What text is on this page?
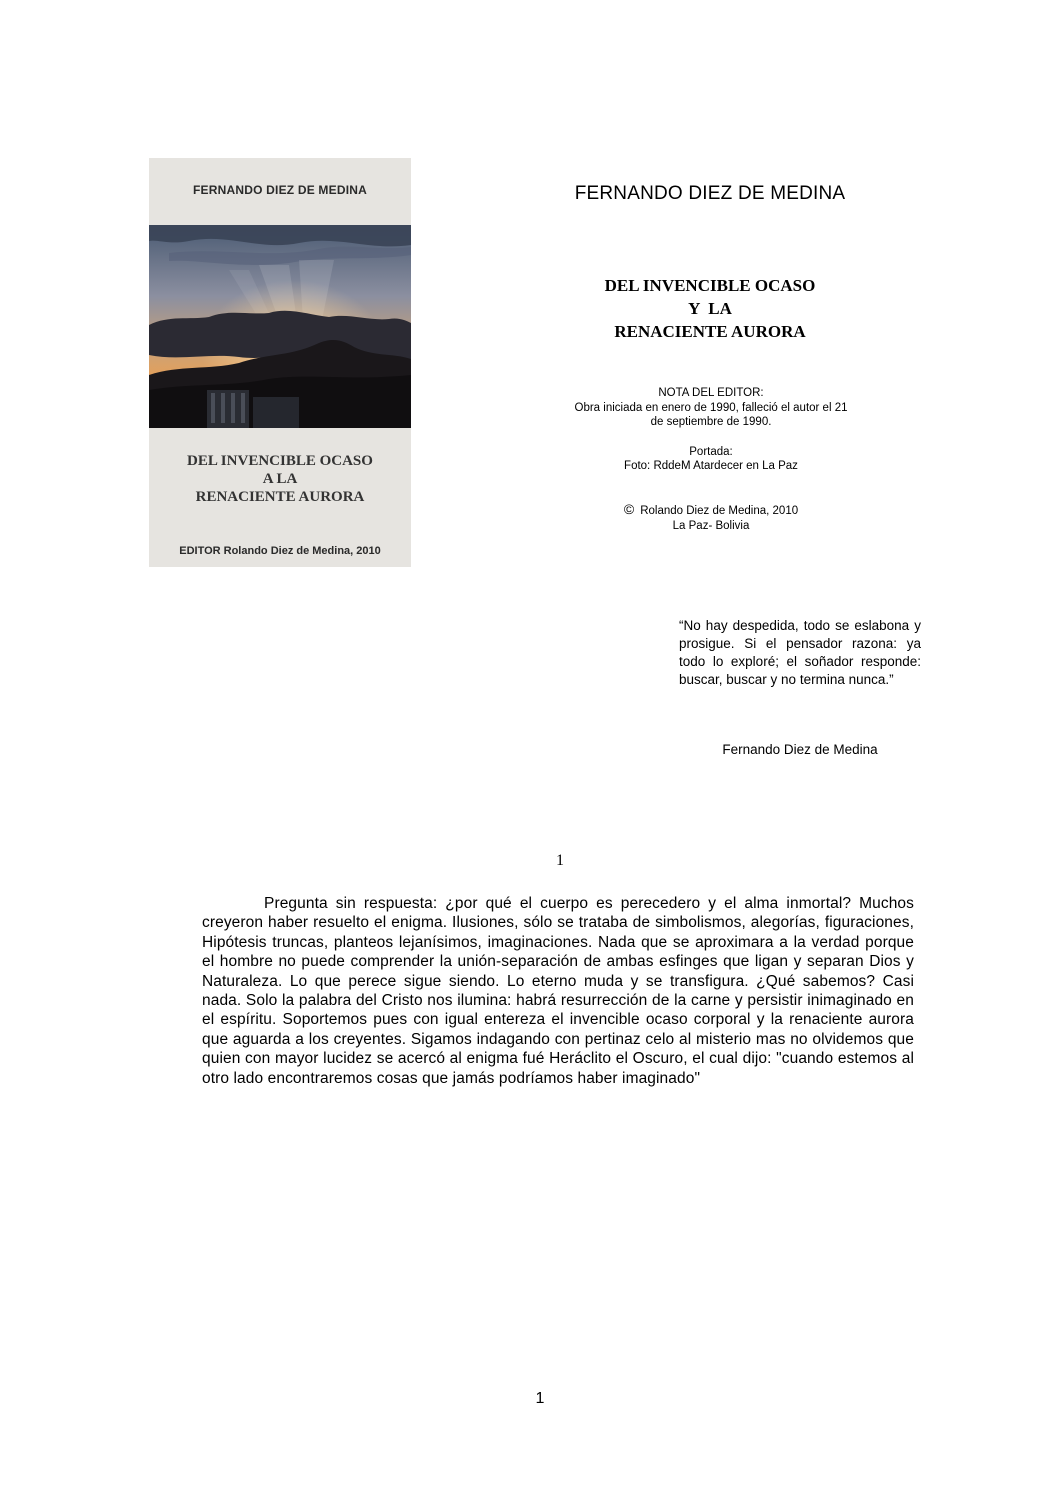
FERNANDO DIEZ DE MEDINA
DEL INVENCIBLE OCASO
A LA
RENACIENTE AURORA
EDITOR Rolando Diez de Medina, 2010
FERNANDO DIEZ DE MEDINA
DEL INVENCIBLE OCASO
Y  LA
RENACIENTE AURORA
NOTA DEL EDITOR:
Obra iniciada en enero de 1990, falleció el autor el 21
de septiembre de 1990.
Portada:
Foto: RddeM Atardecer en La Paz
© Rolando Diez de Medina, 2010
La Paz- Bolivia
“No hay despedida, todo se eslabona y prosigue. Si el pensador razona: ya todo lo exploré; el soñador responde: buscar, buscar y no termina nunca.”
Fernando Diez de Medina
1
Pregunta sin respuesta: ¿por qué el cuerpo es perecedero y el alma inmortal? Muchos creyeron haber resuelto el enigma. Ilusiones, sólo se trataba de simbolismos, alegorías, figuraciones, Hipótesis truncas, planteos lejanísimos, imaginaciones. Nada que se aproximara a la verdad porque el hombre no puede comprender la unión-separación de ambas esfinges que ligan y separan Dios y Naturaleza. Lo que perece sigue siendo. Lo eterno muda y se transfigura. ¿Qué sabemos? Casi nada. Solo la palabra del Cristo nos ilumina: habrá resurrección de la carne y persistir inimaginado en el espíritu. Soportemos pues con igual entereza el invencible ocaso corporal y la renaciente aurora que aguarda a los creyentes. Sigamos indagando con pertinaz celo al misterio mas no olvidemos que quien con mayor lucidez se acercó al enigma fué Heráclito el Oscuro, el cual dijo: "cuando estemos al otro lado encontraremos cosas que jamás podríamos haber imaginado"
1
